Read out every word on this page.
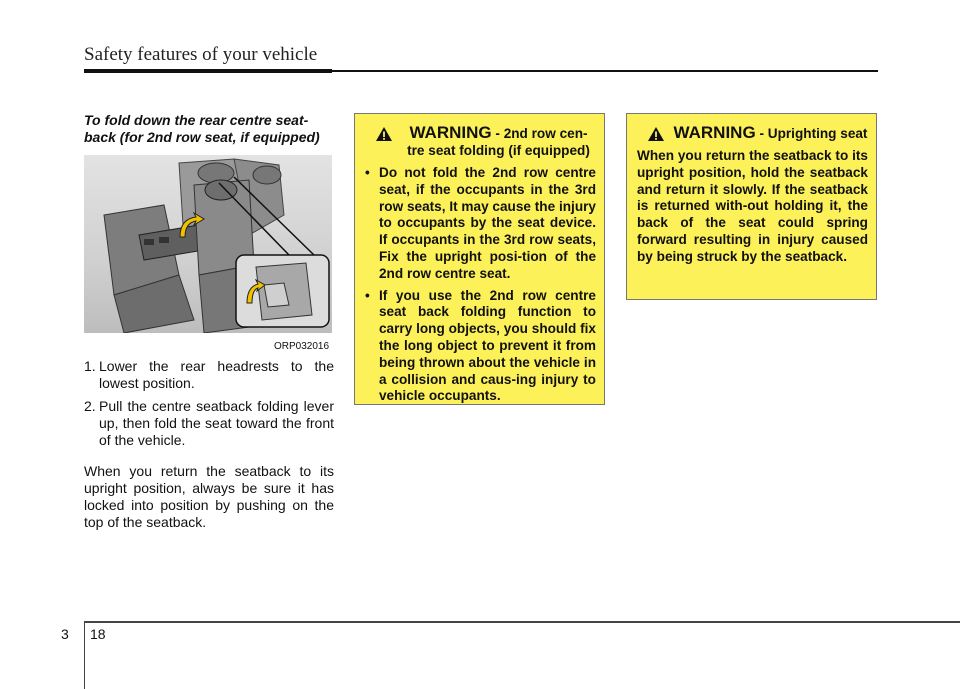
Safety features of your vehicle

To fold down the rear centre seat-back (for 2nd row seat, if equipped)

ORP032016
1. Lower the rear headrests to the lowest position.
2. Pull the centre seatback folding lever up, then fold the seat toward the front of the vehicle.
When you return the seatback to its upright position, always be sure it has locked into position by pushing on the top of the seatback.
WARNING - 2nd row cen-tre seat folding (if equipped)
• Do not fold the 2nd row centre seat, if the occupants in the 3rd row seats, It may cause the injury to occupants by the seat device. If occupants in the 3rd row seats, Fix the upright posi-tion of the 2nd row centre seat.
• If you use the 2nd row centre seat back folding function to carry long objects, you should fix the long object to prevent it from being thrown about the vehicle in a collision and caus-ing injury to vehicle occupants.
WARNING - Uprighting seat
When you return the seatback to its upright position, hold the seatback and return it slowly. If the seatback is returned with-out holding it, the back of the seat could spring forward resulting in injury caused by being struck by the seatback.
3 18
